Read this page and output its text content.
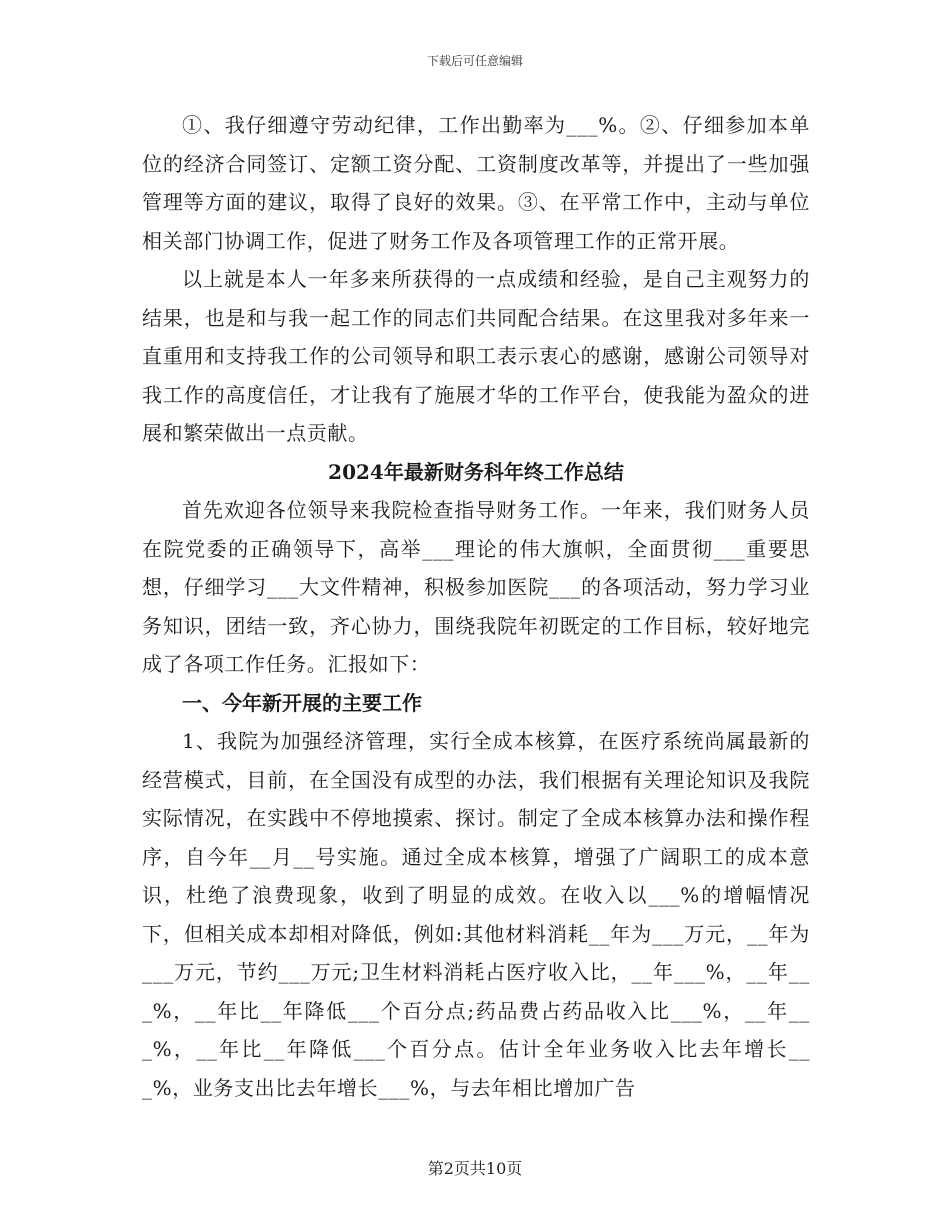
下载后可任意编辑

①、我仔细遵守劳动纪律，工作出勤率为___%。②、仔细参加本单位的经济合同签订、定额工资分配、工资制度改革等，并提出了一些加强管理等方面的建议，取得了良好的效果。③、在平常工作中，主动与单位相关部门协调工作，促进了财务工作及各项管理工作的正常开展。

以上就是本人一年多来所获得的一点成绩和经验，是自己主观努力的结果，也是和与我一起工作的同志们共同配合结果。在这里我对多年来一直重用和支持我工作的公司领导和职工表示衷心的感谢，感谢公司领导对我工作的高度信任，才让我有了施展才华的工作平台，使我能为盈众的进展和繁荣做出一点贡献。

2024年最新财务科年终工作总结

首先欢迎各位领导来我院检查指导财务工作。一年来，我们财务人员在院党委的正确领导下，高举___理论的伟大旗帜，全面贯彻___重要思想，仔细学习___大文件精神，积极参加医院___的各项活动，努力学习业务知识，团结一致，齐心协力，围绕我院年初既定的工作目标，较好地完成了各项工作任务。汇报如下：

一、今年新开展的主要工作

1、我院为加强经济管理，实行全成本核算，在医疗系统尚属最新的经营模式，目前，在全国没有成型的办法，我们根据有关理论知识及我院实际情况，在实践中不停地摸索、探讨。制定了全成本核算办法和操作程序，自今年__月__号实施。通过全成本核算，增强了广阔职工的成本意识，杜绝了浪费现象，收到了明显的成效。在收入以___%的增幅情况下，但相关成本却相对降低，例如:其他材料消耗__年为___万元，__年为___万元，节约___万元;卫生材料消耗占医疗收入比，__年___%，__年___%，__年比__年降低___个百分点;药品费占药品收入比___%，__年___%，__年比__年降低___个百分点。估计全年业务收入比去年增长___%，业务支出比去年增长___%，与去年相比增加广告

第2页共10页
